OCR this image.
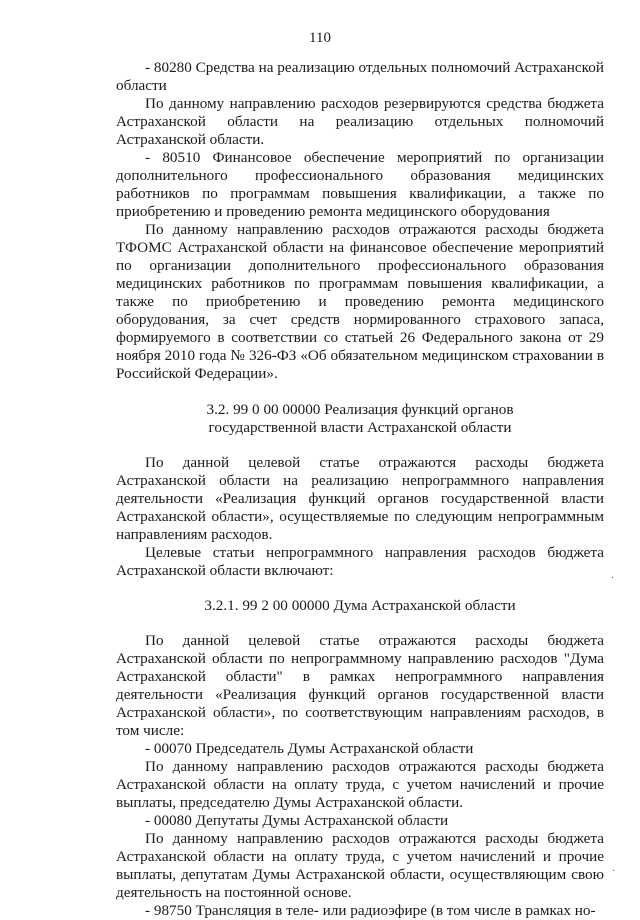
110

- 80280 Средства на реализацию отдельных полномочий Астраханской области

По данному направлению расходов резервируются средства бюджета Астраханской области на реализацию отдельных полномочий Астраханской области.

- 80510 Финансовое обеспечение мероприятий по организации дополнительного профессионального образования медицинских работников по программам повышения квалификации, а также по приобретению и проведению ремонта медицинского оборудования

По данному направлению расходов отражаются расходы бюджета ТФОМС Астраханской области на финансовое обеспечение мероприятий по организации дополнительного профессионального образования медицинских работников по программам повышения квалификации, а также по приобретению и проведению ремонта медицинского оборудования, за счет средств нормированного страхового запаса, формируемого в соответствии со статьей 26 Федерального закона от 29 ноября 2010 года № 326-ФЗ «Об обязательном медицинском страховании в Российской Федерации».

3.2. 99 0 00 00000 Реализация функций органов

государственной власти Астраханской области

По данной целевой статье отражаются расходы бюджета Астраханской области на реализацию непрограммного направления деятельности «Реализация функций органов государственной власти Астраханской области», осуществляемые по следующим непрограммным направлениям расходов.

Целевые статьи непрограммного направления расходов бюджета Астраханской области включают:

3.2.1. 99 2 00 00000 Дума Астраханской области

По данной целевой статье отражаются расходы бюджета Астраханской области по непрограммному направлению расходов "Дума Астраханской области" в рамках непрограммного направления деятельности «Реализация функций органов государственной власти Астраханской области», по соответствующим направлениям расходов, в том числе:

- 00070 Председатель Думы Астраханской области

По данному направлению расходов отражаются расходы бюджета Астраханской области на оплату труда, с учетом начислений и прочие выплаты, председателю Думы Астраханской области.

- 00080 Депутаты Думы Астраханской области

По данному направлению расходов отражаются расходы бюджета Астраханской области на оплату труда, с учетом начислений и прочие выплаты, депутатам Думы Астраханской области, осуществляющим свою деятельность на постоянной основе.

- 98750 Трансляция в теле- или радиоэфире (в том числе в рамках но-

·
·
